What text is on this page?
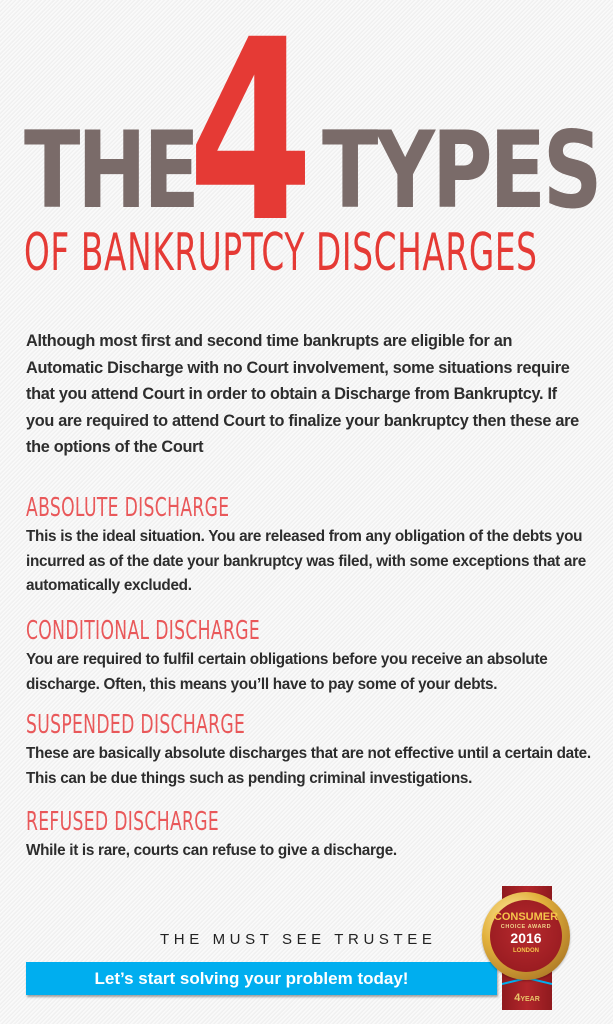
THE
4 TYPES
OF BANKRUPTCY DISCHARGES

Although most first and second time bankrupts are eligible for an Automatic Discharge with no Court involvement, some situations require that you attend Court in order to obtain a Discharge from Bankruptcy. If you are required to attend Court to finalize your bankruptcy then these are the options of the Court

ABSOLUTE DISCHARGE
This is the ideal situation. You are released from any obligation of the debts you incurred as of the date your bankruptcy was filed, with some exceptions that are automatically excluded.
CONDITIONAL DISCHARGE
You are required to fulfil certain obligations before you receive an absolute discharge. Often, this means you’ll have to pay some of your debts.
SUSPENDED DISCHARGE
These are basically absolute discharges that are not effective until a certain date. This can be due things such as pending criminal investigations.
REFUSED DISCHARGE
While it is rare, courts can refuse to give a discharge.
THE MUST SEE TRUSTEE
Let’s start solving your problem today!
4YEAR
CONSUMER
CHOICE AWARD
2016
LONDON
